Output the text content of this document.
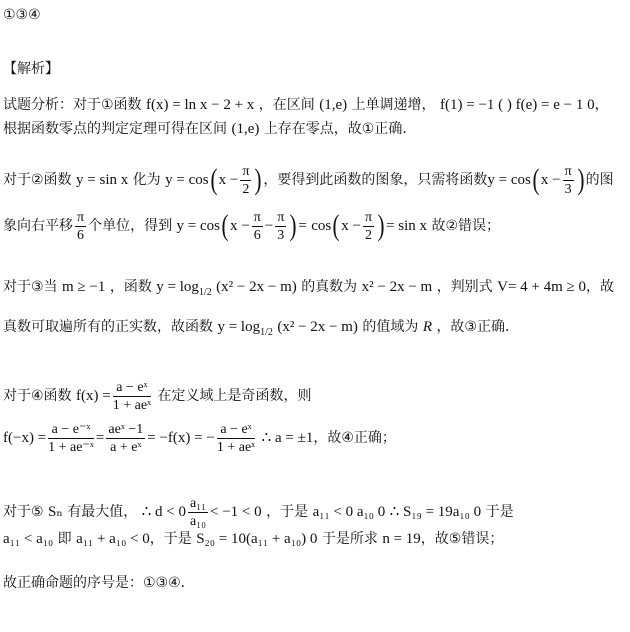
①③④
【解析】
试题分析：对于①函数 f(x) = ln x − 2 + x ，在区间 (1,e) 上单调递增， f(1) = −1 ( ) f(e) = e − 1 0，
根据函数零点的判定定理可得在区间 (1,e) 上存在零点，故①正确．
对于②函数 y = sin x 化为 y = cos( $x - \frac{\pi}{2}$ ) ，要得到此函数的图象，只需将函数y = cos( $x - \frac{\pi}{3}$ ) 的图
象向右平移 $\frac{\pi}{6}$ 个单位，得到 y = cos( $x - \frac{\pi}{6} - \frac{\pi}{3}$ ) = cos( $x - \frac{\pi}{2}$ ) = sin x 故②错误；
对于③当 m ≥ −1 ，函数 $y = \log_{1/2} (x^2 - 2x - m)$ 的真数为 x² − 2x − m ，判别式 V= 4 + 4m ≥ 0，故
真数可取遍所有的正实数，故函数 $y = \log_{1/2} (x^2 - 2x - m)$ 的值域为 R ，故③正确．
对于④函数 $f(x) = \frac{\text{a − eˣ}}{\text{1 + aeˣ}}$ 在定义域上是奇函数，则
$f(-x) = \frac{\text{a − e⁻ˣ}}{\text{1 + ae⁻ˣ}} = \frac{\text{aeˣ −1}}{\text{a + eˣ}} = -f(x)$ = − $\frac{\text{a − eˣ}}{\text{1 + aeˣ}}$ ∴ a = ±1，故④正确；
对于⑤ Sₙ 有最大值， ∴ $d < 0 \frac{\text{a₁₁}}{\text{a₁₀}} < -1 < 0$ ，于是 a₁₁ < 0 a₁₀ 0 ∴ S₁₉ = 19a₁₀ 0 于是
a₁₁ < a₁₀ 即 a₁₁ + a₁₀ < 0，于是 S₂₀ = 10(a₁₁ + a₁₀) 0 于是所求 n = 19，故⑤错误；
故正确命题的序号是：①③④．
